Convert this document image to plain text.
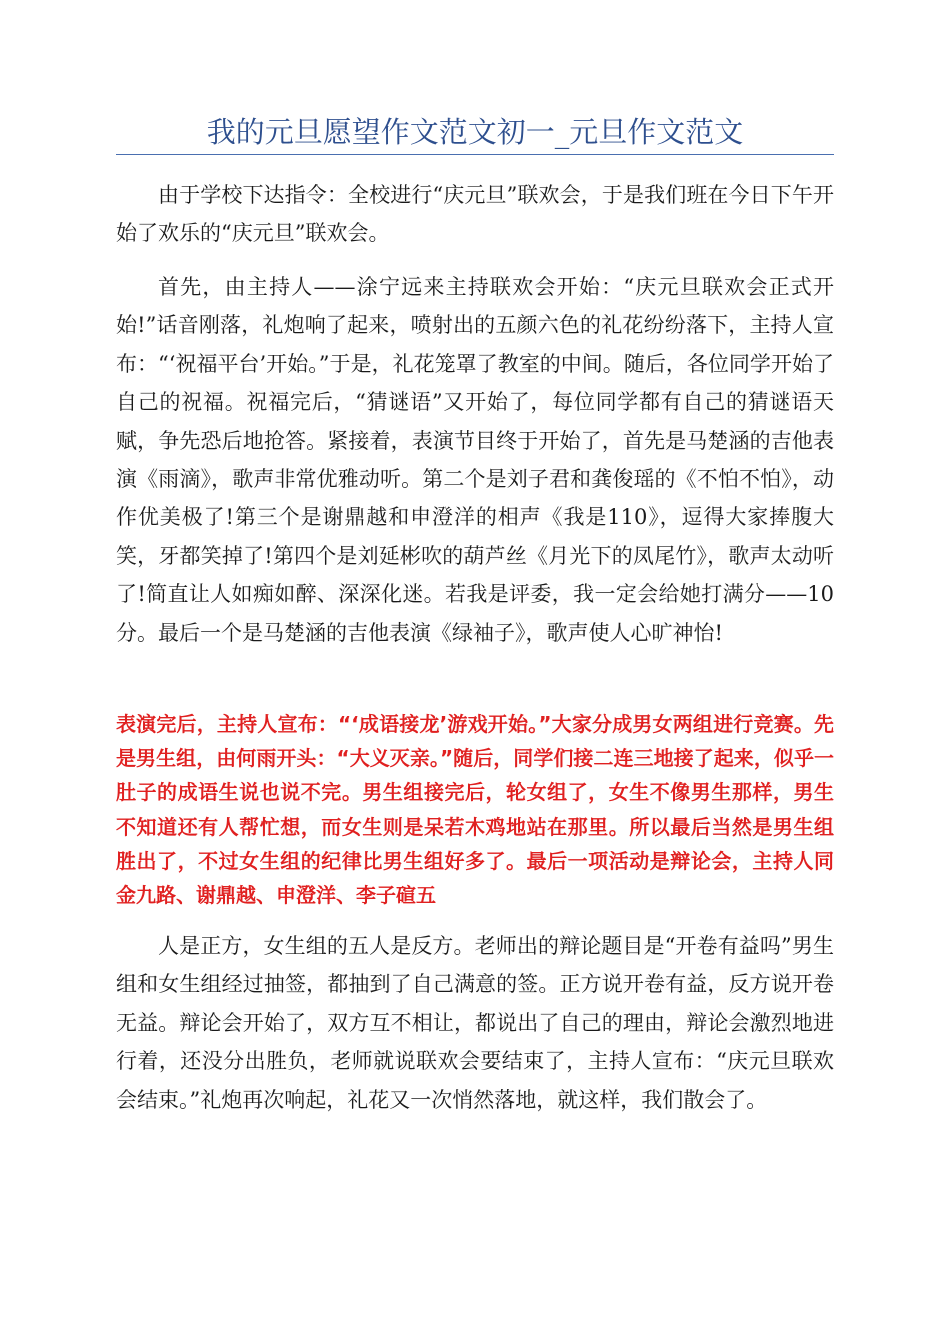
我的元旦愿望作文范文初一_元旦作文范文

由于学校下达指令：全校进行“庆元旦”联欢会，于是我们班在今日下午开始了欢乐的“庆元旦”联欢会。

首先，由主持人——涂宁远来主持联欢会开始：“庆元旦联欢会正式开始!”话音刚落，礼炮响了起来，喷射出的五颜六色的礼花纷纷落下，主持人宣布：“‘祝福平台’开始。”于是，礼花笼罩了教室的中间。随后，各位同学开始了自己的祝福。祝福完后，“猜谜语”又开始了，每位同学都有自己的猜谜语天赋，争先恐后地抢答。紧接着，表演节目终于开始了，首先是马楚涵的吉他表演《雨滴》，歌声非常优雅动听。第二个是刘子君和龚俊瑶的《不怕不怕》，动作优美极了!第三个是谢鼎越和申澄洋的相声《我是110》，逗得大家捧腹大笑，牙都笑掉了!第四个是刘延彬吹的葫芦丝《月光下的凤尾竹》，歌声太动听了!简直让人如痴如醉、深深化迷。若我是评委，我一定会给她打满分——10分。最后一个是马楚涵的吉他表演《绿袖子》，歌声使人心旷神怡!

表演完后，主持人宣布：“‘成语接龙’游戏开始。”大家分成男女两组进行竞赛。先是男生组，由何雨开头：“大义灭亲。”随后，同学们接二连三地接了起来，似乎一肚子的成语生说也说不完。男生组接完后，轮女组了，女生不像男生那样，男生不知道还有人帮忙想，而女生则是呆若木鸡地站在那里。所以最后当然是男生组胜出了，不过女生组的纪律比男生组好多了。最后一项活动是辩论会，主持人同金九路、谢鼎越、申澄洋、李子碹五

人是正方，女生组的五人是反方。老师出的辩论题目是“开卷有益吗”男生组和女生组经过抽签，都抽到了自己满意的签。正方说开卷有益，反方说开卷无益。辩论会开始了，双方互不相让，都说出了自己的理由，辩论会激烈地进行着，还没分出胜负，老师就说联欢会要结束了，主持人宣布：“庆元旦联欢会结束。”礼炮再次响起，礼花又一次悄然落地，就这样，我们散会了。
